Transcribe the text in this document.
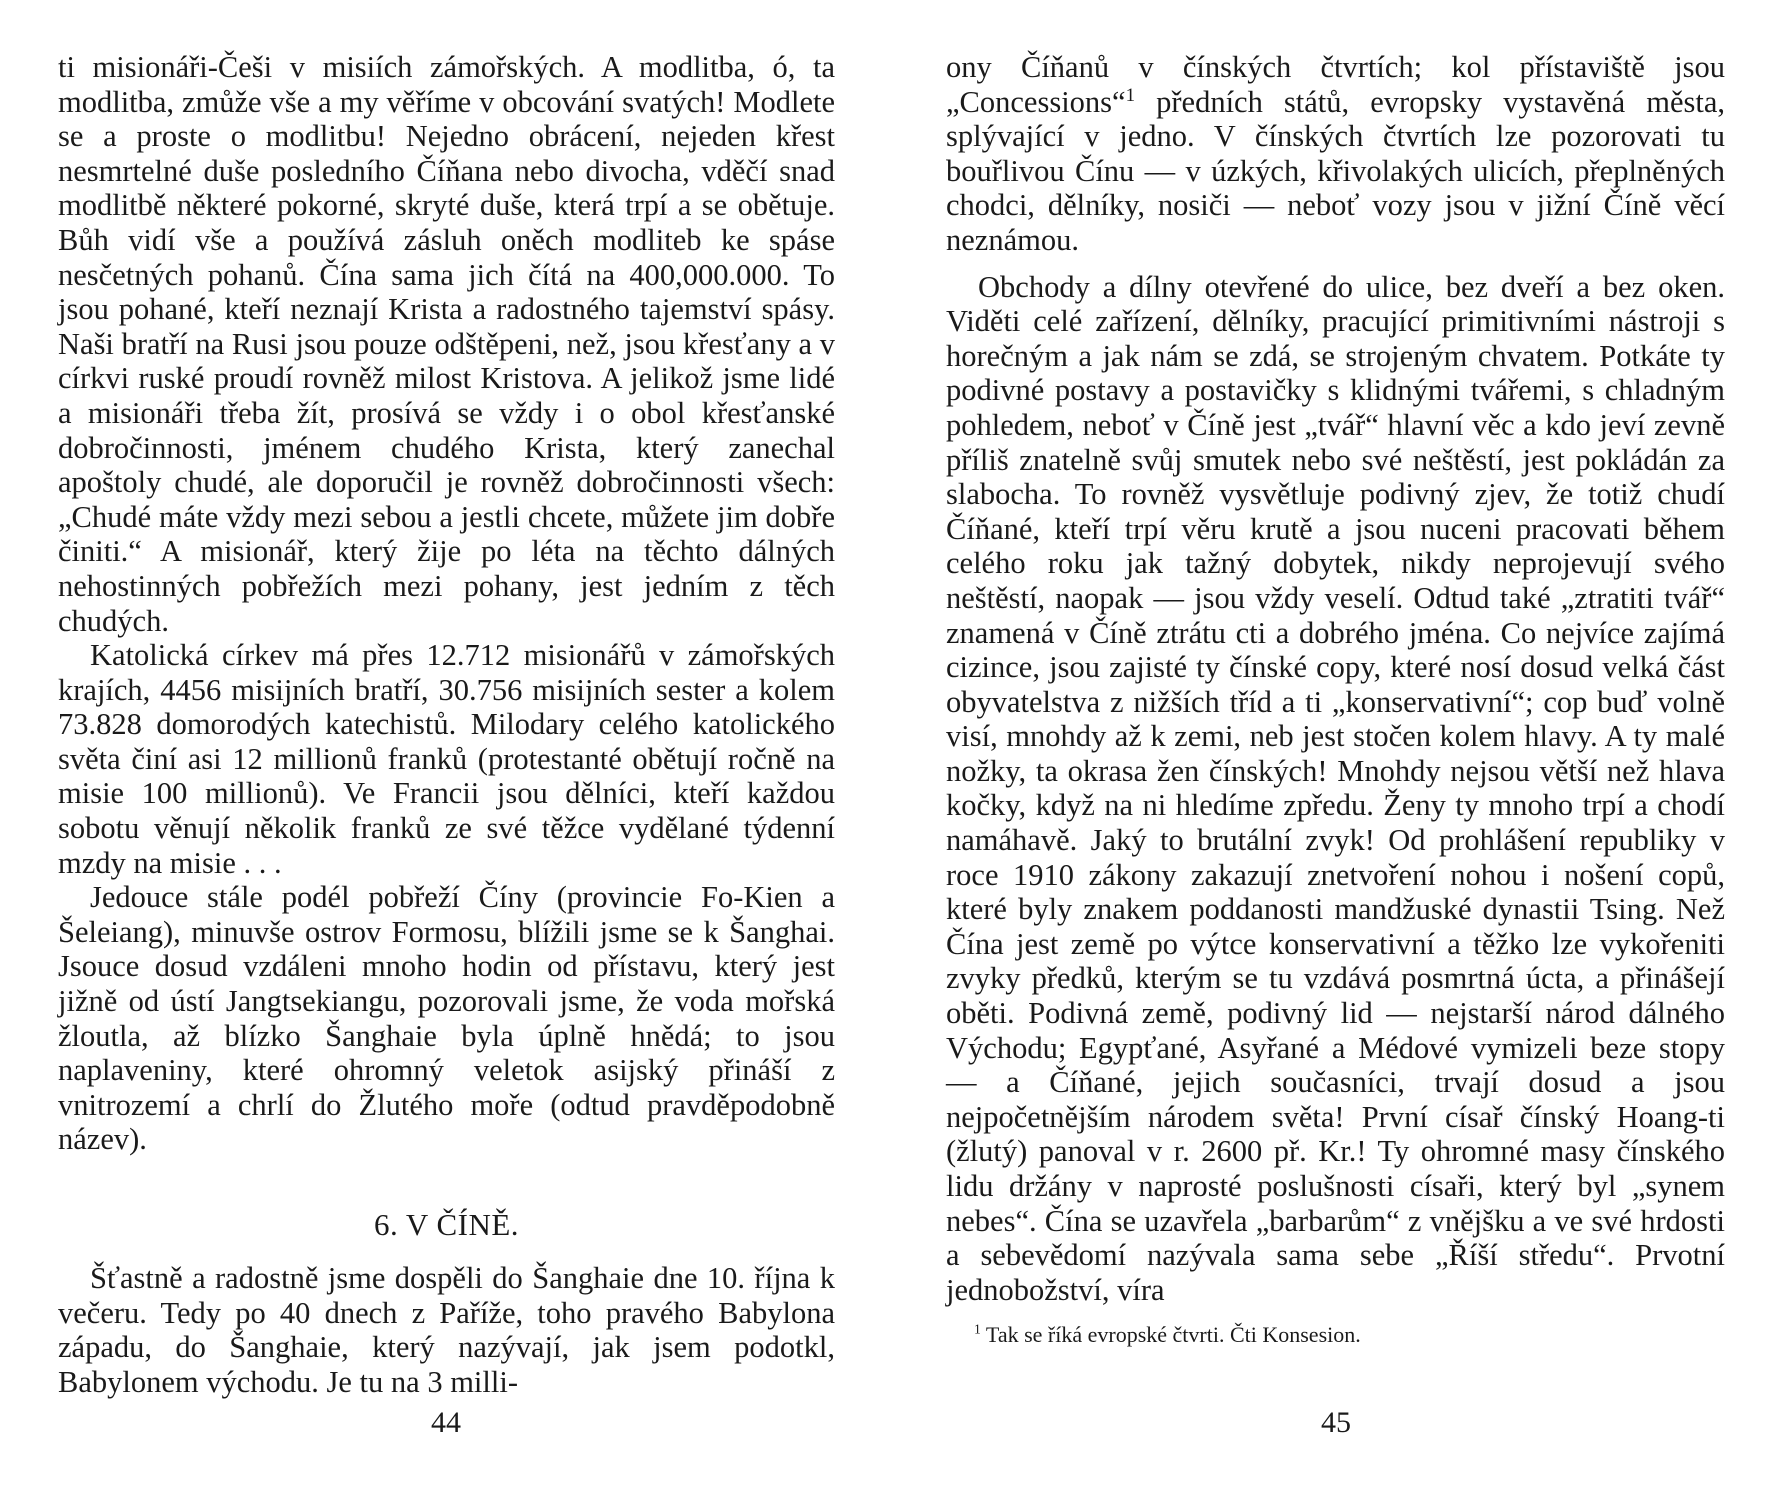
ti misionáři-Češi v misiích zámořských. A modlitba, ó, ta modlitba, zmůže vše a my věříme v obcování svatých! Modlete se a proste o modlitbu! Nejedno obrácení, nejeden křest nesmrtelné duše posledního Číňana nebo divocha, vděčí snad modlitbě některé pokorné, skryté duše, která trpí a se obětuje. Bůh vidí vše a používá zásluh oněch modliteb ke spáse nesčetných pohanů. Čína sama jich čítá na 400,000.000. To jsou pohané, kteří neznají Krista a radostného tajemství spásy. Naši bratří na Rusi jsou pouze odštěpeni, než, jsou křesťany a v církvi ruské proudí rovněž milost Kristova. A jelikož jsme lidé a misionáři třeba žít, prosívá se vždy i o obol křesťanské dobročinnosti, jménem chudého Krista, který zanechal apoštoly chudé, ale doporučil je rovněž dobročinnosti všech: „Chudé máte vždy mezi sebou a jestli chcete, můžete jim dobře činiti.“ A misionář, který žije po léta na těchto dálných nehostinných pobřežích mezi pohany, jest jedním z těch chudých.

Katolická církev má přes 12.712 misionářů v zámořských krajích, 4456 misijních bratří, 30.756 misijních sester a kolem 73.828 domorodých katechistů. Milodary celého katolického světa činí asi 12 millionů franků (protestanté obětují ročně na misie 100 millionů). Ve Francii jsou dělníci, kteří každou sobotu věnují několik franků ze své těžce vydělané týdenní mzdy na misie . . .

Jedouce stále podél pobřeží Číny (provincie Fo-Kien a Šeleiang), minuvše ostrov Formosu, blížili jsme se k Šanghai. Jsouce dosud vzdáleni mnoho hodin od přístavu, který jest jižně od ústí Jangtsekiangu, pozorovali jsme, že voda mořská žloutla, až blízko Šanghaie byla úplně hnědá; to jsou naplaveniny, které ohromný veletok asijský přináší z vnitrozemí a chrlí do Žlutého moře (odtud pravděpodobně název).

6. V ČÍNĚ.

Šťastně a radostně jsme dospěli do Šanghaie dne 10. října k večeru. Tedy po 40 dnech z Paříže, toho pravého Babylona západu, do Šanghaie, který nazývají, jak jsem podotkl, Babylonem východu. Je tu na 3 milli-

ony Číňanů v čínských čtvrtích; kol přístaviště jsou „Concessions“$^1$ předních států, evropsky vystavěná města, splývající v jedno. V čínských čtvrtích lze pozorovati tu bouřlivou Čínu — v úzkých, křivolakých ulicích, přeplněných chodci, dělníky, nosiči — neboť vozy jsou v jižní Číně věcí neznámou.

Obchody a dílny otevřené do ulice, bez dveří a bez oken. Viděti celé zařízení, dělníky, pracující primitivními nástroji s horečným a jak nám se zdá, se strojeným chvatem. Potkáte ty podivné postavy a postavičky s klidnými tvářemi, s chladným pohledem, neboť v Číně jest „tvář“ hlavní věc a kdo jeví zevně příliš znatelně svůj smutek nebo své neštěstí, jest pokládán za slabocha. To rovněž vysvětluje podivný zjev, že totiž chudí Číňané, kteří trpí věru krutě a jsou nuceni pracovati během celého roku jak tažný dobytek, nikdy neprojevují svého neštěstí, naopak — jsou vždy veselí. Odtud také „ztratiti tvář“ znamená v Číně ztrátu cti a dobrého jména. Co nejvíce zajímá cizince, jsou zajisté ty čínské copy, které nosí dosud velká část obyvatelstva z nižších tříd a ti „konservativní“; cop buď volně visí, mnohdy až k zemi, neb jest stočen kolem hlavy. A ty malé nožky, ta okrasa žen čínských! Mnohdy nejsou větší než hlava kočky, když na ni hledíme zpředu. Ženy ty mnoho trpí a chodí namáhavě. Jaký to brutální zvyk! Od prohlášení republiky v roce 1910 zákony zakazují znetvoření nohou i nošení copů, které byly znakem poddanosti mandžuské dynastii Tsing. Než Čína jest země po výtce konservativní a těžko lze vykořeniti zvyky předků, kterým se tu vzdává posmrtná úcta, a přinášejí oběti. Podivná země, podivný lid — nejstarší národ dálného Východu; Egypťané, Asyřané a Médové vymizeli beze stopy — a Číňané, jejich současníci, trvají dosud a jsou nejpočetnějším národem světa! První císař čínský Hoang-ti (žlutý) panoval v r. 2600 př. Kr.! Ty ohromné masy čínského lidu držány v naprosté poslušnosti císaři, který byl „synem nebes“. Čína se uzavřela „barbarům“ z vnějšku a ve své hrdosti a sebevědomí nazývala sama sebe „Říší středu“. Prvotní jednobožství, víra

$^1$ Tak se říká evropské čtvrti. Čti Konsesion.
44	45
